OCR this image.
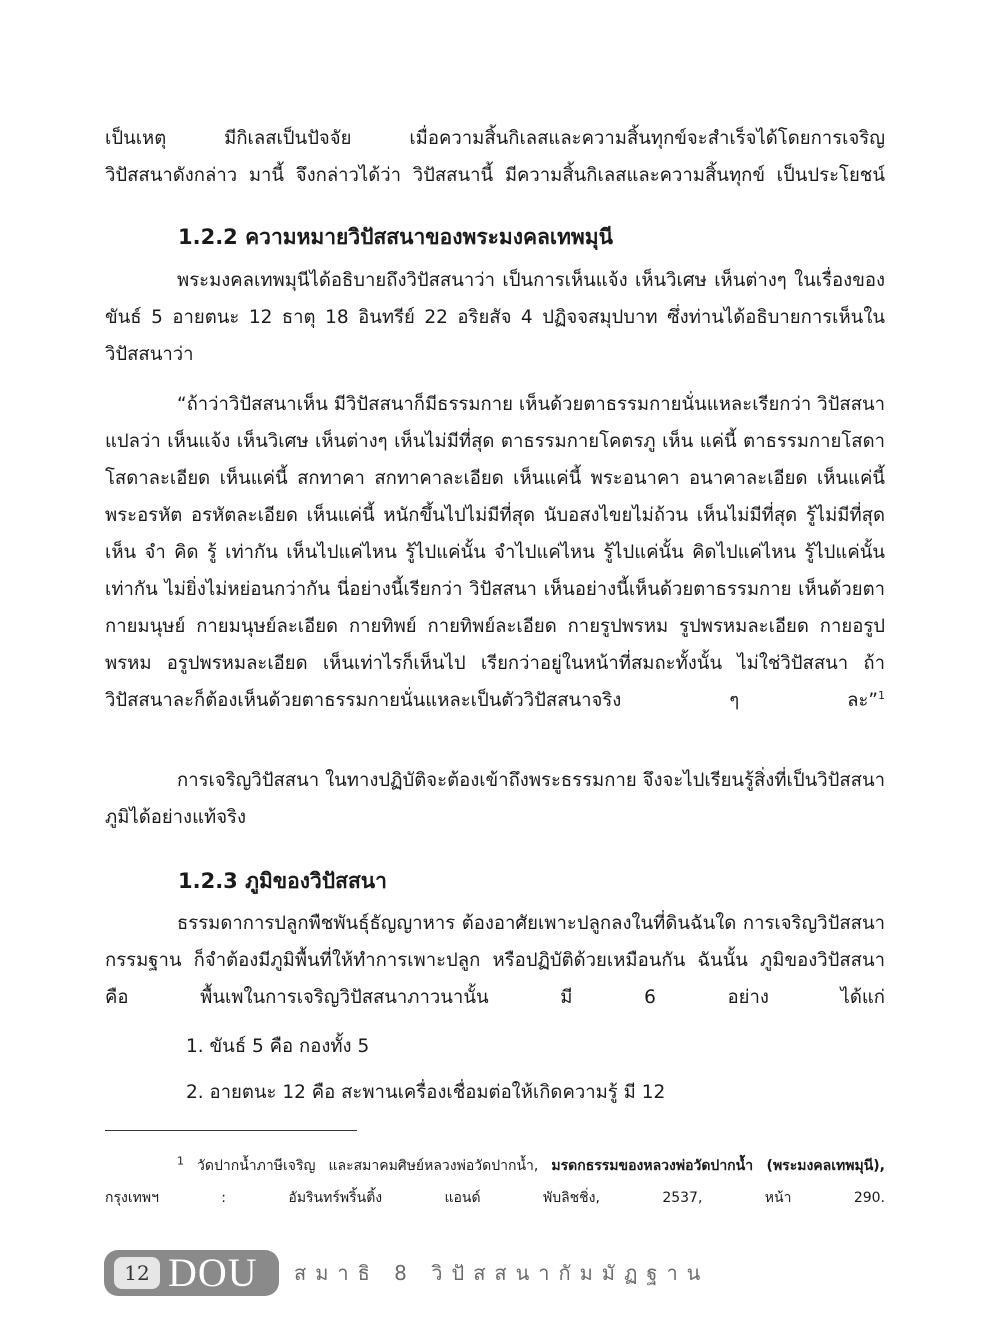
เป็นเหตุ มีกิเลสเป็นปัจจัย เมื่อความสิ้นกิเลสและความสิ้นทุกข์จะสำเร็จได้โดยการเจริญ

วิปัสสนาดังกล่าว มานี้ จึงกล่าวได้ว่า วิปัสสนานี้ มีความสิ้นกิเลสและความสิ้นทุกข์ เป็นประโยชน์

1.2.2 ความหมายวิปัสสนาของพระมงคลเทพมุนี

พระมงคลเทพมุนีได้อธิบายถึงวิปัสสนาว่า เป็นการเห็นแจ้ง เห็นวิเศษ เห็นต่างๆ ในเรื่องของขันธ์ 5 อายตนะ 12 ธาตุ 18 อินทรีย์ 22 อริยสัจ 4 ปฏิจจสมุปบาท ซึ่งท่านได้อธิบายการเห็นในวิปัสสนาว่า

“ถ้าว่าวิปัสสนาเห็น มีวิปัสสนาก็มีธรรมกาย เห็นด้วยตาธรรมกายนั่นแหละเรียกว่า วิปัสสนา แปลว่า เห็นแจ้ง เห็นวิเศษ เห็นต่างๆ เห็นไม่มีที่สุด ตาธรรมกายโคตรภู เห็น แค่นี้ ตาธรรมกายโสดา โสดาละเอียด เห็นแค่นี้ สกทาคา สกทาคาละเอียด เห็นแค่นี้ พระอนาคา อนาคาละเอียด เห็นแค่นี้ พระอรหัต อรหัตละเอียด เห็นแค่นี้ หนักขึ้นไปไม่มีที่สุด นับอสงไขยไม่ถ้วน เห็นไม่มีที่สุด รู้ไม่มีที่สุด เห็น จำ คิด รู้ เท่ากัน เห็นไปแค่ไหน รู้ไปแค่นั้น จำไปแค่ไหน รู้ไปแค่นั้น คิดไปแค่ไหน รู้ไปแค่นั้น เท่ากัน ไม่ยิ่งไม่หย่อนกว่ากัน นี่อย่างนี้เรียกว่า วิปัสสนา เห็นอย่างนี้เห็นด้วยตาธรรมกาย เห็นด้วยตากายมนุษย์ กายมนุษย์ละเอียด กายทิพย์ กายทิพย์ละเอียด กายรูปพรหม รูปพรหมละเอียด กายอรูปพรหม อรูปพรหมละเอียด เห็นเท่าไรก็เห็นไป เรียกว่าอยู่ในหน้าที่สมถะทั้งนั้น ไม่ใช่วิปัสสนา ถ้าวิปัสสนาละก็ต้องเห็นด้วยตาธรรมกายนั่นแหละเป็นตัววิปัสสนาจริง ๆ ละ”$^1$

การเจริญวิปัสสนา ในทางปฏิบัติจะต้องเข้าถึงพระธรรมกาย จึงจะไปเรียนรู้สิ่งที่เป็นวิปัสสนาภูมิได้อย่างแท้จริง

1.2.3 ภูมิของวิปัสสนา

ธรรมดาการปลูกพืชพันธุ์ธัญญาหาร ต้องอาศัยเพาะปลูกลงในที่ดินฉันใด การเจริญวิปัสสนากรรมฐาน ก็จำต้องมีภูมิพื้นที่ให้ทำการเพาะปลูก หรือปฏิบัติด้วยเหมือนกัน ฉันนั้น ภูมิของวิปัสสนา คือ พื้นเพในการเจริญวิปัสสนาภาวนานั้น มี 6 อย่าง ได้แก่

1. ขันธ์ 5 คือ กองทั้ง 5

2. อายตนะ 12 คือ สะพานเครื่องเชื่อมต่อให้เกิดความรู้ มี 12

$^1$ วัดปากน้ำภาษีเจริญ และสมาคมศิษย์หลวงพ่อวัดปากน้ำ, มรดกธรรมของหลวงพ่อวัดปากน้ำ (พระมงคลเทพมุนี), กรุงเทพฯ : อัมรินทร์พริ้นติ้ง แอนด์ พับลิชชิ่ง, 2537, หน้า 290.

12 DOU สมาธิ 8 วิปัสสนากัมมัฏฐาน
